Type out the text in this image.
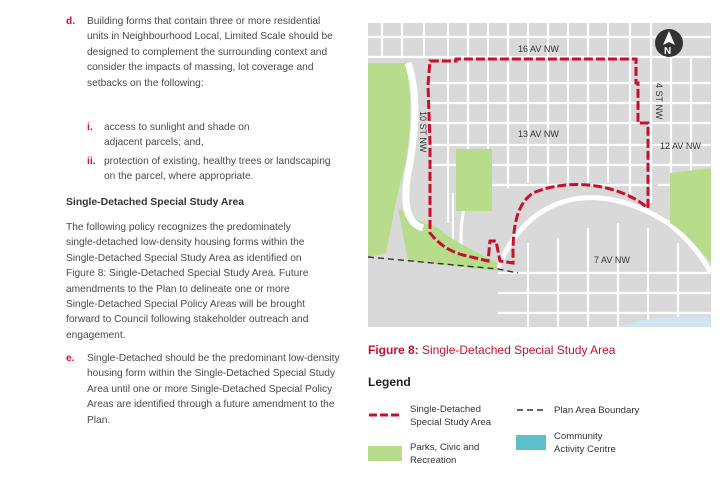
d. Building forms that contain three or more residential units in Neighbourhood Local, Limited Scale should be designed to complement the surrounding context and consider the impacts of massing, lot coverage and setbacks on the following:
i. access to sunlight and shade on adjacent parcels; and,
ii. protection of existing, healthy trees or landscaping on the parcel, where appropriate.
Single-Detached Special Study Area
The following policy recognizes the predominately single-detached low-density housing forms within the Single-Detached Special Study Area as identified on Figure 8: Single-Detached Special Study Area. Future amendments to the Plan to delineate one or more Single-Detached Special Policy Areas will be brought forward to Council following stakeholder outreach and engagement.
e. Single-Detached should be the predominant low-density housing form within the Single-Detached Special Study Area until one or more Single-Detached Special Policy Areas are identified through a future amendment to the Plan.
16 AV NW
13 AV NW
12 AV NW
7 AV NW
10 ST NW
4 ST NW
N
Figure 8: Single-Detached Special Study Area
Legend
Single-Detached Special Study Area
Plan Area Boundary
Parks, Civic and Recreation
Community Activity Centre
